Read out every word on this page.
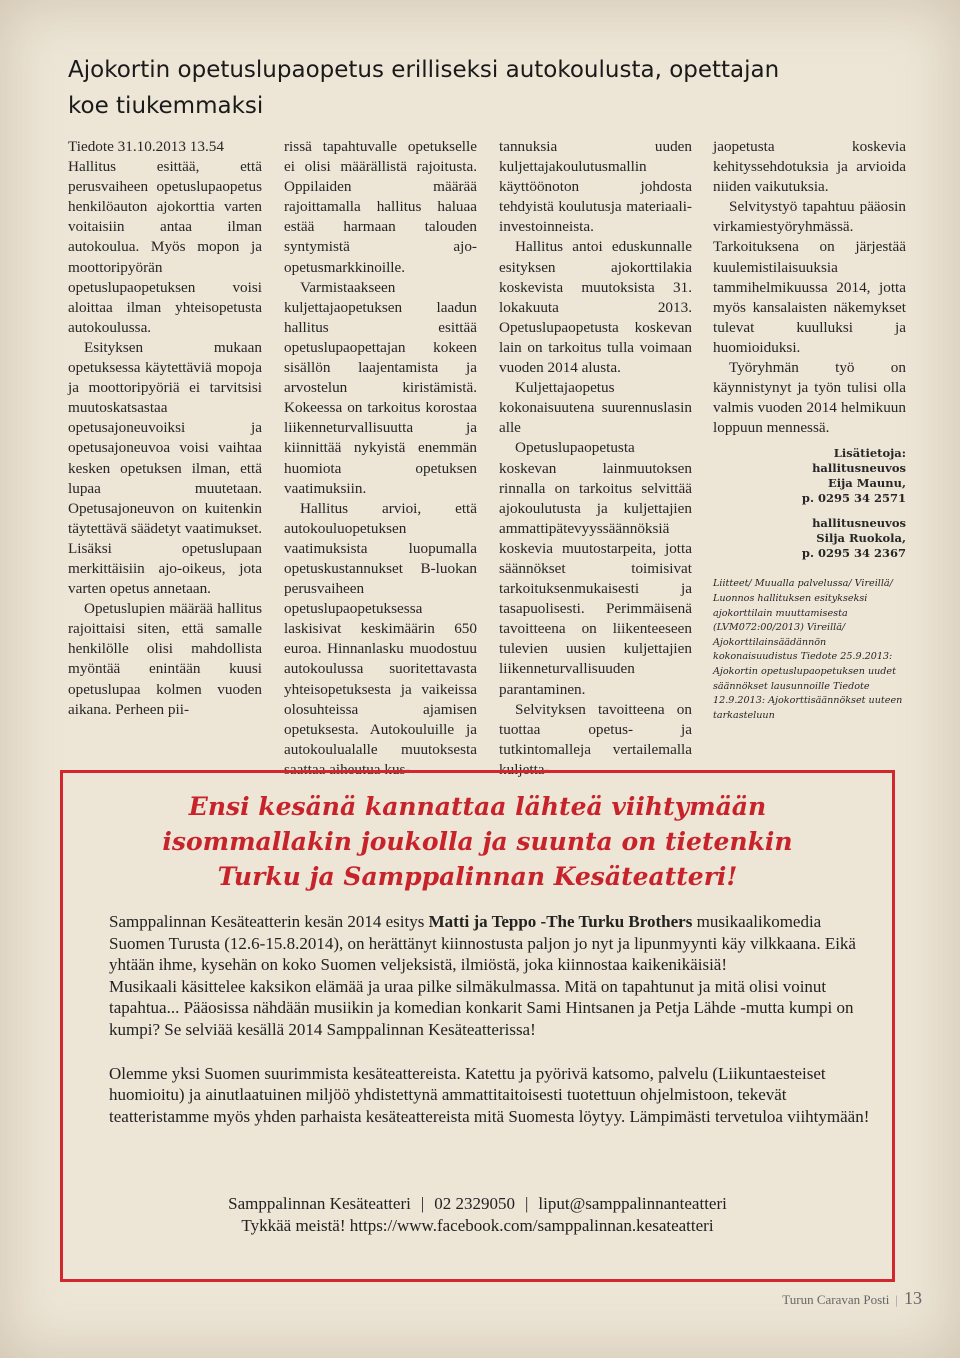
Ajokortin opetuslupaopetus erilliseksi autokoulusta, opettajan
koe tiukemmaksi

Tiedote 31.10.2013 13.54

Hallitus esittää, että perusvaiheen opetuslupaopetus henkilöauton ajokorttia varten voitaisiin antaa ilman autokoulua. Myös mopon ja moottoripyörän opetuslupaopetuksen voisi aloittaa ilman yhteisopetusta autokoulussa.

Esityksen mukaan opetuksessa käytettäviä mopoja ja moottoripyöriä ei tarvitsisi muutoskatsastaa opetusajoneuvoiksi ja opetusajoneuvoa voisi vaihtaa kesken opetuksen ilman, että lupaa muutetaan. Opetusajoneuvon on kuitenkin täytettävä säädetyt vaatimukset. Lisäksi opetuslupaan merkittäisiin ajo-oikeus, jota varten opetus annetaan.

Opetuslupien määrää hallitus rajoittaisi siten, että samalle henkilölle olisi mahdollista myöntää enintään kuusi opetuslupaa kolmen vuoden aikana. Perheen pii-

rissä tapahtuvalle opetukselle ei olisi määrällistä rajoitusta. Oppilaiden määrää rajoittamalla hallitus haluaa estää harmaan talouden syntymistä ajo-opetusmarkkinoille.

Varmistaakseen kuljettajaopetuksen laadun hallitus esittää opetuslupaopettajan kokeen sisällön laajentamista ja arvostelun kiristämistä. Kokeessa on tarkoitus korostaa liikenneturvallisuutta ja kiinnittää nykyistä enemmän huomiota opetuksen vaatimuksiin.

Hallitus arvioi, että autokouluopetuksen vaatimuksista luopumalla opetuskustannukset B-luokan perusvaiheen opetuslupaopetuksessa laskisivat keskimäärin 650 euroa. Hinnanlasku muodostuu autokoulussa suoritettavasta yhteisopetuksesta ja vaikeissa olosuhteissa ajamisen opetuksesta. Autokouluille ja autokoulualalle muutoksesta saattaa aiheutua kus-

tannuksia uuden kuljettajakoulutusmallin käyttöönoton johdosta tehdyistä koulutusja materiaali-investoinneista.

Hallitus antoi eduskunnalle esityksen ajokorttilakia koskevista muutoksista 31. lokakuuta 2013. Opetuslupaopetusta koskevan lain on tarkoitus tulla voimaan vuoden 2014 alusta.

Kuljettajaopetus kokonaisuutena suurennuslasin alle

Opetuslupaopetusta koskevan lainmuutoksen rinnalla on tarkoitus selvittää ajokoulutusta ja kuljettajien ammattipätevyyssäännöksiä koskevia muutostarpeita, jotta säännökset toimisivat tarkoituksenmukaisesti ja tasapuolisesti. Perimmäisenä tavoitteena on liikenteeseen tulevien uusien kuljettajien liikenneturvallisuuden parantaminen.

Selvityksen tavoitteena on tuottaa opetus- ja tutkintomalleja vertailemalla kuljetta-

jaopetusta koskevia kehityssehdotuksia ja arvioida niiden vaikutuksia.

Selvitystyö tapahtuu pääosin virkamiestyöryhmässä. Tarkoituksena on järjestää kuulemistilaisuuksia tammihelmikuussa 2014, jotta myös kansalaisten näkemykset tulevat kuulluksi ja huomioiduksi.

Työryhmän työ on käynnistynyt ja työn tulisi olla valmis vuoden 2014 helmikuun loppuun mennessä.

Lisätietoja:
hallitusneuvos
Eija Maunu,
p. 0295 34 2571
hallitusneuvos
Silja Ruokola,
p. 0295 34 2367
Liitteet/ Muualla palvelussa/ Vireillä/ Luonnos hallituksen esitykseksi ajokorttilain muuttamisesta (LVM072:00/2013) Vireillä/ Ajokorttilainsäädännön kokonaisuudistus Tiedote 25.9.2013: Ajokortin opetuslupaopetuksen uudet säännökset lausunnoille Tiedote 12.9.2013: Ajokorttisäännökset uuteen tarkasteluun
Ensi kesänä kannattaa lähteä viihtymään
isommallakin joukolla ja suunta on tietenkin
Turku ja Samppalinnan Kesäteatteri!

Samppalinnan Kesäteatterin kesän 2014 esitys Matti ja Teppo -The Turku Brothers musikaalikomedia Suomen Turusta (12.6-15.8.2014), on herättänyt kiinnostusta paljon jo nyt ja lipunmyynti käy vilkkaana. Eikä yhtään ihme, kysehän on koko Suomen veljeksistä, ilmiöstä, joka kiinnostaa kaikenikäisiä!

Musikaali käsittelee kaksikon elämää ja uraa pilke silmäkulmassa. Mitä on tapahtunut ja mitä olisi voinut tapahtua... Pääosissa nähdään musiikin ja komedian konkarit Sami Hintsanen ja Petja Lähde -mutta kumpi on kumpi? Se selviää kesällä 2014 Samppalinnan Kesäteatterissa!

Olemme yksi Suomen suurimmista kesäteattereista. Katettu ja pyörivä katsomo, palvelu (Liikuntaesteiset huomioitu) ja ainutlaatuinen miljöö yhdistettynä ammattitaitoisesti tuotettuun ohjelmistoon, tekevät teatteristamme myös yhden parhaista kesäteattereista mitä Suomesta löytyy. Lämpimästi tervetuloa viihtymään!

Samppalinnan Kesäteatteri | 02 2329050 | liput@samppalinnanteatteri
Tykkää meistä! https://www.facebook.com/samppalinnan.kesateatteri
Turun Caravan Posti | 13
